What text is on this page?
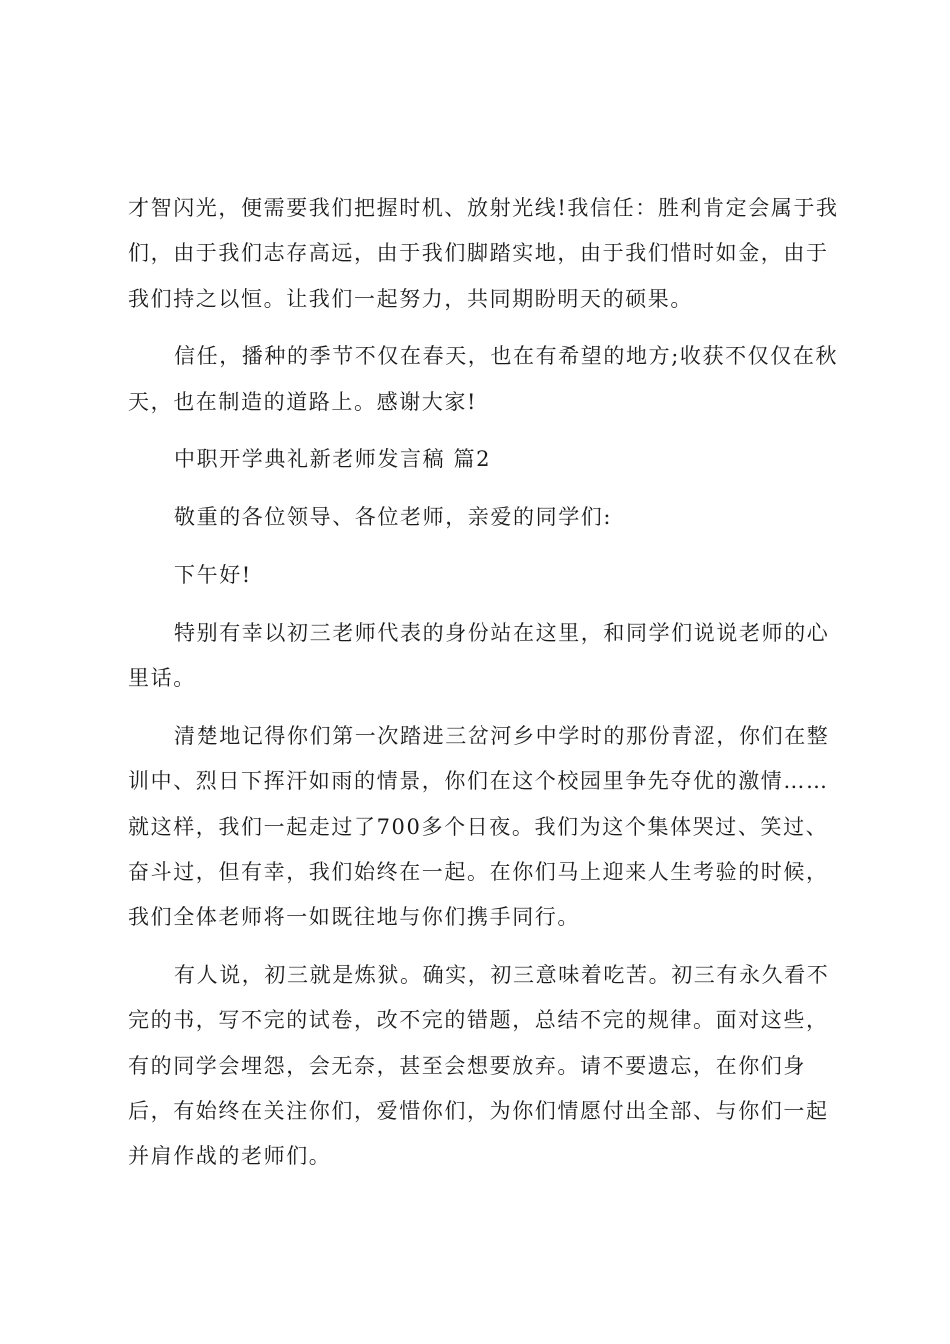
才智闪光，便需要我们把握时机、放射光线!我信任：胜利肯定会属于我
们，由于我们志存高远，由于我们脚踏实地，由于我们惜时如金，由于
我们持之以恒。让我们一起努力，共同期盼明天的硕果。
信任，播种的季节不仅在春天，也在有希望的地方;收获不仅仅在秋
天，也在制造的道路上。感谢大家!
中职开学典礼新老师发言稿 篇2
敬重的各位领导、各位老师，亲爱的同学们:
下午好!
特别有幸以初三老师代表的身份站在这里，和同学们说说老师的心
里话。
清楚地记得你们第一次踏进三岔河乡中学时的那份青涩，你们在整
训中、烈日下挥汗如雨的情景，你们在这个校园里争先夺优的激情……
就这样，我们一起走过了700多个日夜。我们为这个集体哭过、笑过、
奋斗过，但有幸，我们始终在一起。在你们马上迎来人生考验的时候，
我们全体老师将一如既往地与你们携手同行。
有人说，初三就是炼狱。确实，初三意味着吃苦。初三有永久看不
完的书，写不完的试卷，改不完的错题，总结不完的规律。面对这些，
有的同学会埋怨，会无奈，甚至会想要放弃。请不要遗忘，在你们身
后，有始终在关注你们，爱惜你们，为你们情愿付出全部、与你们一起
并肩作战的老师们。
